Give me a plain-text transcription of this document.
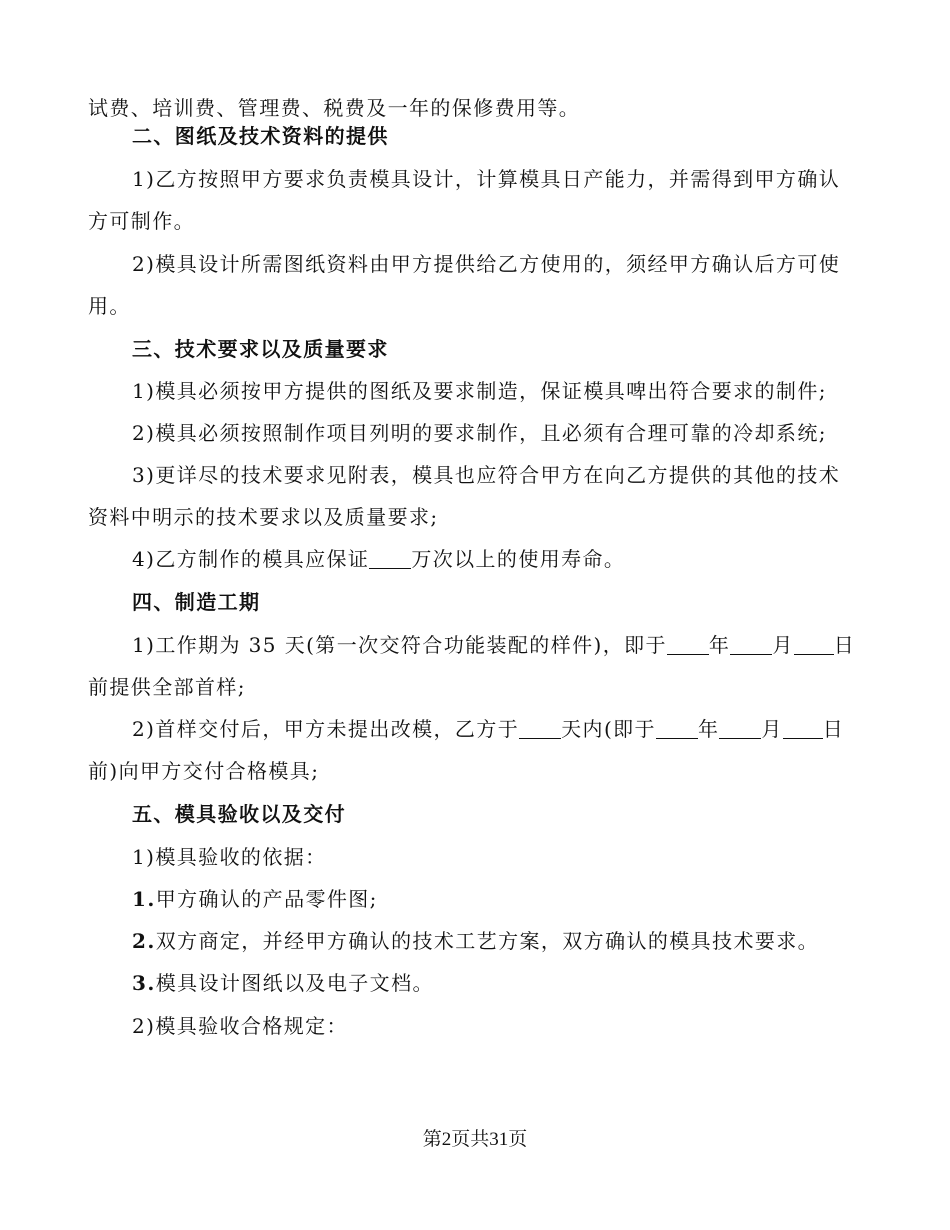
试费、培训费、管理费、税费及一年的保修费用等。
二、图纸及技术资料的提供
1)乙方按照甲方要求负责模具设计，计算模具日产能力，并需得到甲方确认
方可制作。
2)模具设计所需图纸资料由甲方提供给乙方使用的，须经甲方确认后方可使
用。
三、技术要求以及质量要求
1)模具必须按甲方提供的图纸及要求制造，保证模具啤出符合要求的制件;
2)模具必须按照制作项目列明的要求制作，且必须有合理可靠的冷却系统;
3)更详尽的技术要求见附表，模具也应符合甲方在向乙方提供的其他的技术
资料中明示的技术要求以及质量要求;
4)乙方制作的模具应保证 万次以上的使用寿命。
四、制造工期
1)工作期为 35 天(第一次交符合功能装配的样件)，即于 年 月 日
前提供全部首样;
2)首样交付后，甲方未提出改模，乙方于 天内(即于 年 月 日
前)向甲方交付合格模具;
五、模具验收以及交付
1)模具验收的依据：
1.甲方确认的产品零件图;
2.双方商定，并经甲方确认的技术工艺方案，双方确认的模具技术要求。
3.模具设计图纸以及电子文档。
2)模具验收合格规定：
第2页共31页
